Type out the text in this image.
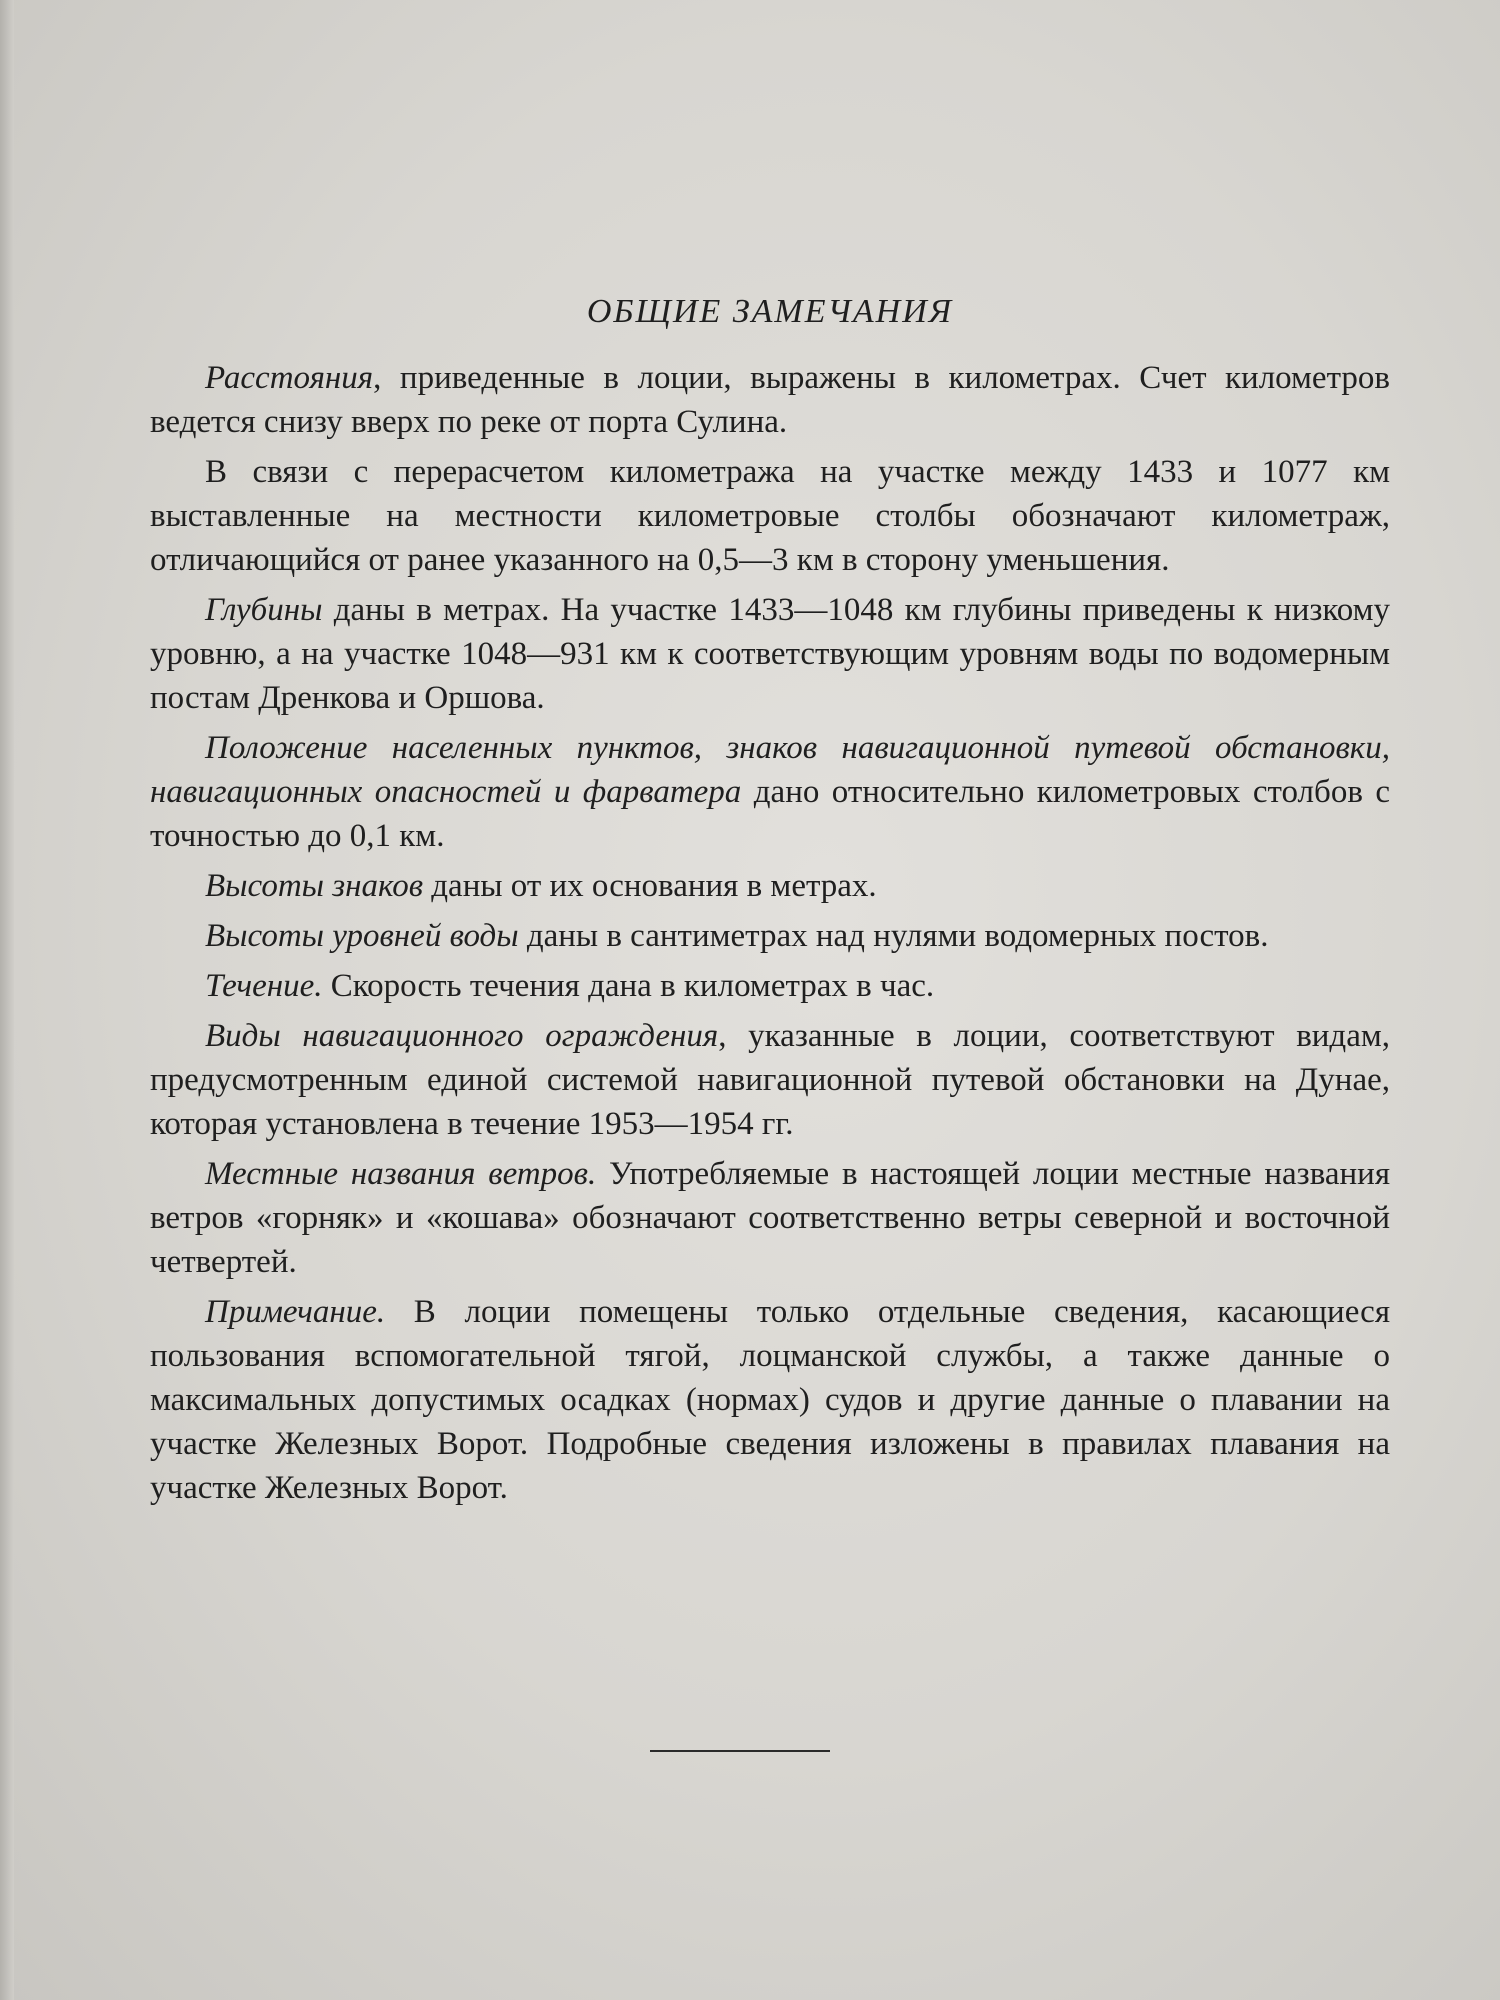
ОБЩИЕ ЗАМЕЧАНИЯ

Расстояния, приведенные в лоции, выражены в километрах. Счет километров ведется снизу вверх по реке от порта Сулина.

В связи с перерасчетом километража на участке между 1433 и 1077 км выставленные на местности километровые столбы обозначают километраж, отличающийся от ранее указанного на 0,5—3 км в сторону уменьшения.

Глубины даны в метрах. На участке 1433—1048 км глубины приведены к низкому уровню, а на участке 1048—931 км к соответствующим уровням воды по водомерным постам Дренкова и Оршова.

Положение населенных пунктов, знаков навигационной путевой обстановки, навигационных опасностей и фарватера дано относительно километровых столбов с точностью до 0,1 км.

Высоты знаков даны от их основания в метрах.

Высоты уровней воды даны в сантиметрах над нулями водомерных постов.

Течение. Скорость течения дана в километрах в час.

Виды навигационного ограждения, указанные в лоции, соответствуют видам, предусмотренным единой системой навигационной путевой обстановки на Дунае, которая установлена в течение 1953—1954 гг.

Местные названия ветров. Употребляемые в настоящей лоции местные названия ветров «горняк» и «кошава» обозначают соответственно ветры северной и восточной четвертей.

Примечание. В лоции помещены только отдельные сведения, касающиеся пользования вспомогательной тягой, лоцманской службы, а также данные о максимальных допустимых осадках (нормах) судов и другие данные о плавании на участке Железных Ворот. Подробные сведения изложены в правилах плавания на участке Железных Ворот.
